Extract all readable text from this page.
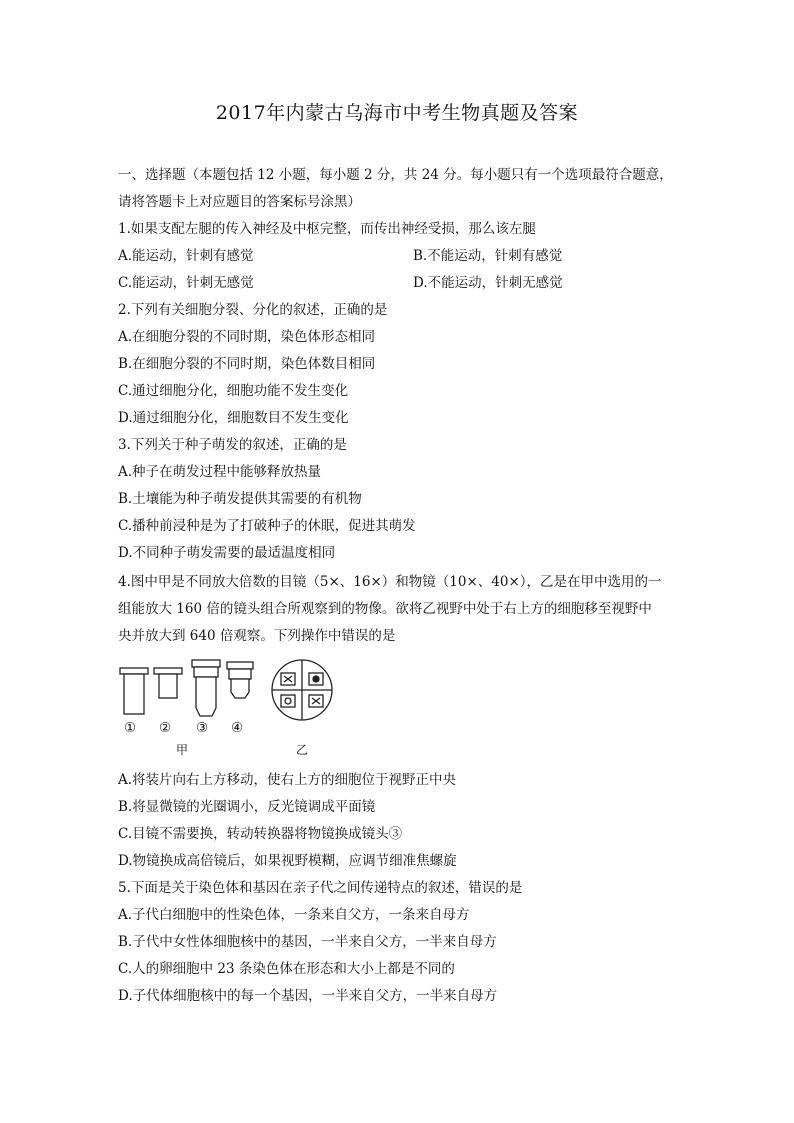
2017年内蒙古乌海市中考生物真题及答案
一、选择题（本题包括 12 小题，每小题 2 分，共 24 分。每小题只有一个选项最符合题意，
请将答题卡上对应题目的答案标号涂黑）
1.如果支配左腿的传入神经及中枢完整，而传出神经受损，那么该左腿
A.能运动，针刺有感觉	B.不能运动，针刺有感觉
C.能运动，针刺无感觉	D.不能运动，针刺无感觉
2.下列有关细胞分裂、分化的叙述，正确的是
A.在细胞分裂的不同时期，染色体形态相同
B.在细胞分裂的不同时期，染色体数目相同
C.通过细胞分化，细胞功能不发生变化
D.通过细胞分化，细胞数目不发生变化
3.下列关于种子萌发的叙述，正确的是
A.种子在萌发过程中能够释放热量
B.土壤能为种子萌发提供其需要的有机物
C.播种前浸种是为了打破种子的休眠，促进其萌发
D.不同种子萌发需要的最适温度相同
4.图中甲是不同放大倍数的目镜（5×、16×）和物镜（10×、40×），乙是在甲中选用的一
组能放大 160 倍的镜头组合所观察到的物像。欲将乙视野中处于右上方的细胞移至视野中
央并放大到 640 倍观察。下列操作中错误的是
① ② ③ ④
甲	乙
A.将装片向右上方移动，使右上方的细胞位于视野正中央
B.将显微镜的光圈调小，反光镜调成平面镜
C.目镜不需要换，转动转换器将物镜换成镜头③
D.物镜换成高倍镜后，如果视野模糊，应调节细准焦螺旋
5.下面是关于染色体和基因在亲子代之间传递特点的叙述，错误的是
A.子代白细胞中的性染色体，一条来自父方，一条来自母方
B.子代中女性体细胞核中的基因，一半来自父方，一半来自母方
C.人的卵细胞中 23 条染色体在形态和大小上都是不同的
D.子代体细胞核中的每一个基因，一半来自父方，一半来自母方
